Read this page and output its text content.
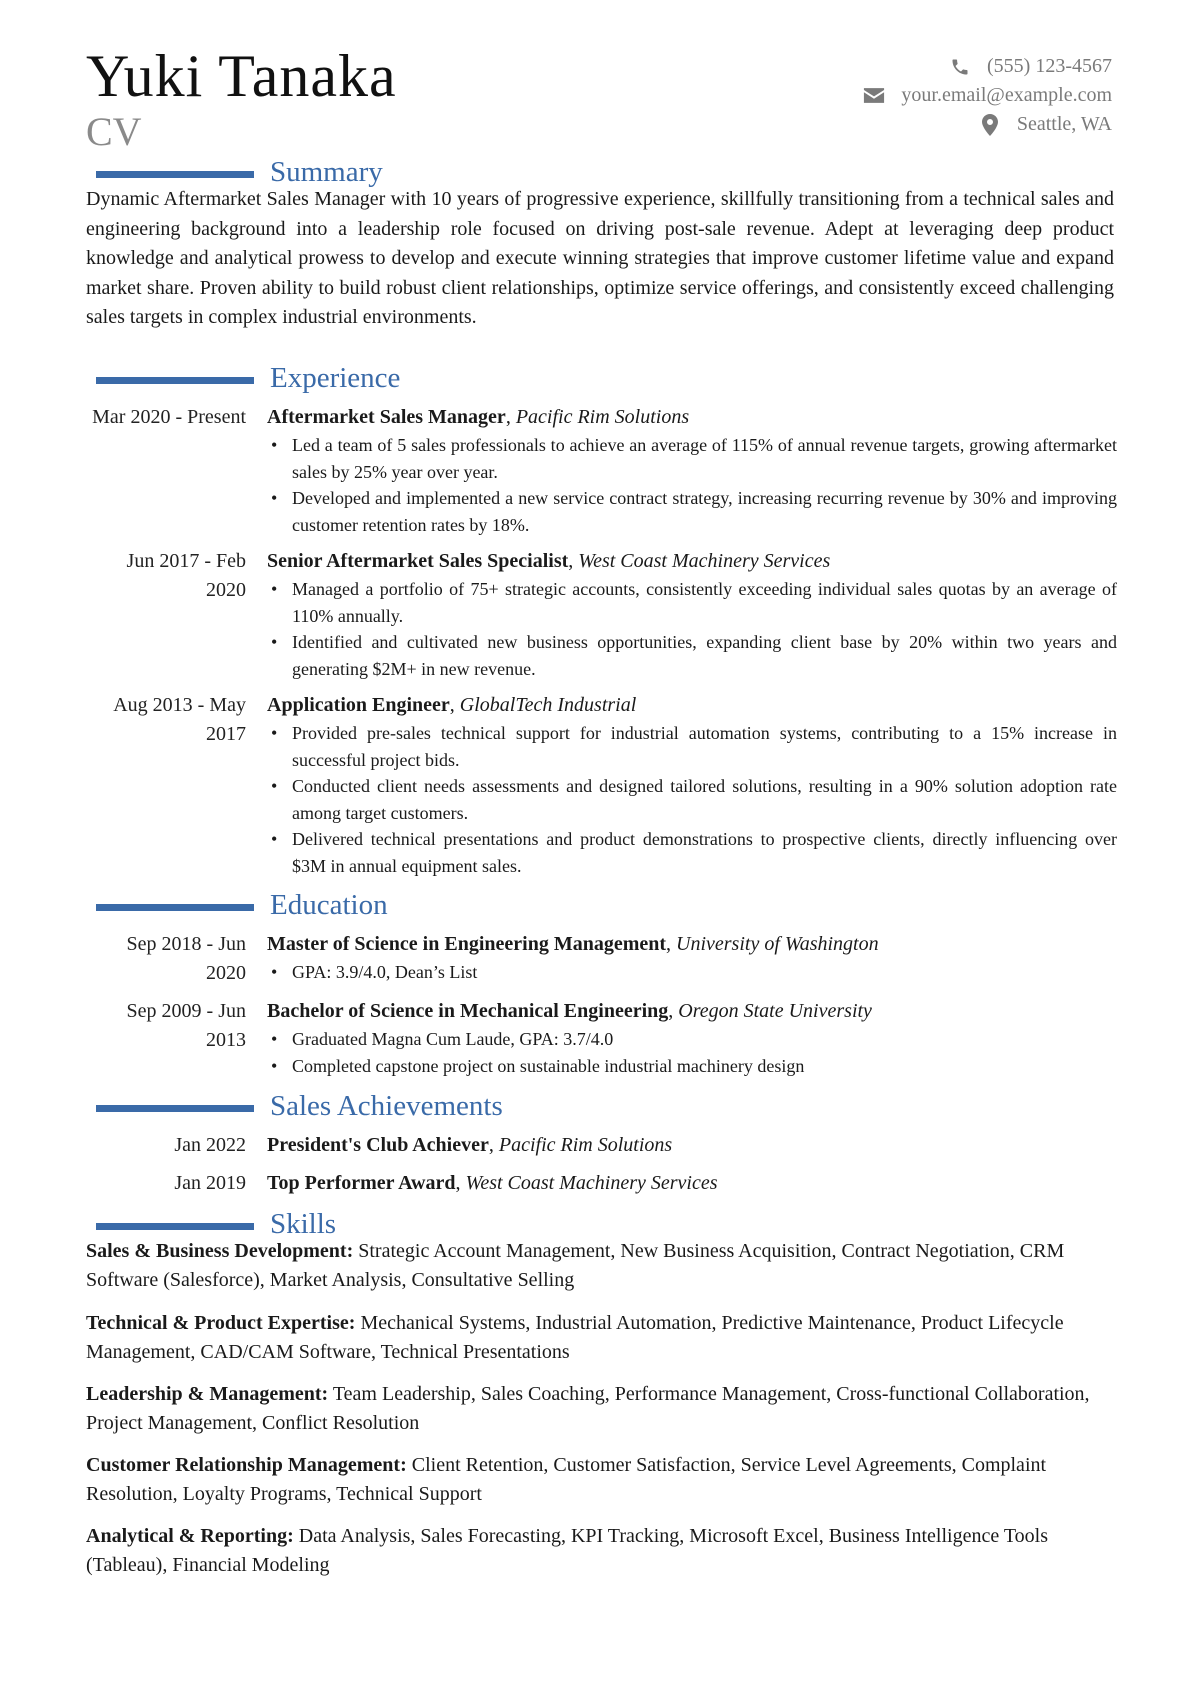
Yuki Tanaka
CV
(555) 123-4567
your.email@example.com
Seattle, WA
Summary
Dynamic Aftermarket Sales Manager with 10 years of progressive experience, skillfully transitioning from a technical sales and engineering background into a leadership role focused on driving post-sale revenue. Adept at leveraging deep product knowledge and analytical prowess to develop and execute winning strategies that improve customer lifetime value and expand market share. Proven ability to build robust client relationships, optimize service offerings, and consistently exceed challenging sales targets in complex industrial environments.
Experience
Mar 2020 - Present Aftermarket Sales Manager, Pacific Rim Solutions
• Led a team of 5 sales professionals to achieve an average of 115% of annual revenue targets, growing aftermarket sales by 25% year over year.
• Developed and implemented a new service contract strategy, increasing recurring revenue by 30% and improving customer retention rates by 18%.
Jun 2017 - Feb 2020
Senior Aftermarket Sales Specialist, West Coast Machinery Services
• Managed a portfolio of 75+ strategic accounts, consistently exceeding individual sales quotas by an average of 110% annually.
• Identified and cultivated new business opportunities, expanding client base by 20% within two years and generating $2M+ in new revenue.
Aug 2013 - May 2017
Application Engineer, GlobalTech Industrial
• Provided pre-sales technical support for industrial automation systems, contributing to a 15% increase in successful project bids.
• Conducted client needs assessments and designed tailored solutions, resulting in a 90% solution adoption rate among target customers.
• Delivered technical presentations and product demonstrations to prospective clients, directly influencing over $3M in annual equipment sales.
Education
Sep 2018 - Jun 2020
Master of Science in Engineering Management, University of Washington
• GPA: 3.9/4.0, Dean’s List
Sep 2009 - Jun 2013
Bachelor of Science in Mechanical Engineering, Oregon State University
• Graduated Magna Cum Laude, GPA: 3.7/4.0
• Completed capstone project on sustainable industrial machinery design
Sales Achievements
Jan 2022 President's Club Achiever, Pacific Rim Solutions
Jan 2019 Top Performer Award, West Coast Machinery Services
Skills
Sales & Business Development: Strategic Account Management, New Business Acquisition, Contract Negotiation, CRM Software (Salesforce), Market Analysis, Consultative Selling
Technical & Product Expertise: Mechanical Systems, Industrial Automation, Predictive Maintenance, Product Lifecycle Management, CAD/CAM Software, Technical Presentations
Leadership & Management: Team Leadership, Sales Coaching, Performance Management, Cross-functional Collaboration, Project Management, Conflict Resolution
Customer Relationship Management: Client Retention, Customer Satisfaction, Service Level Agreements, Complaint Resolution, Loyalty Programs, Technical Support
Analytical & Reporting: Data Analysis, Sales Forecasting, KPI Tracking, Microsoft Excel, Business Intelligence Tools (Tableau), Financial Modeling
